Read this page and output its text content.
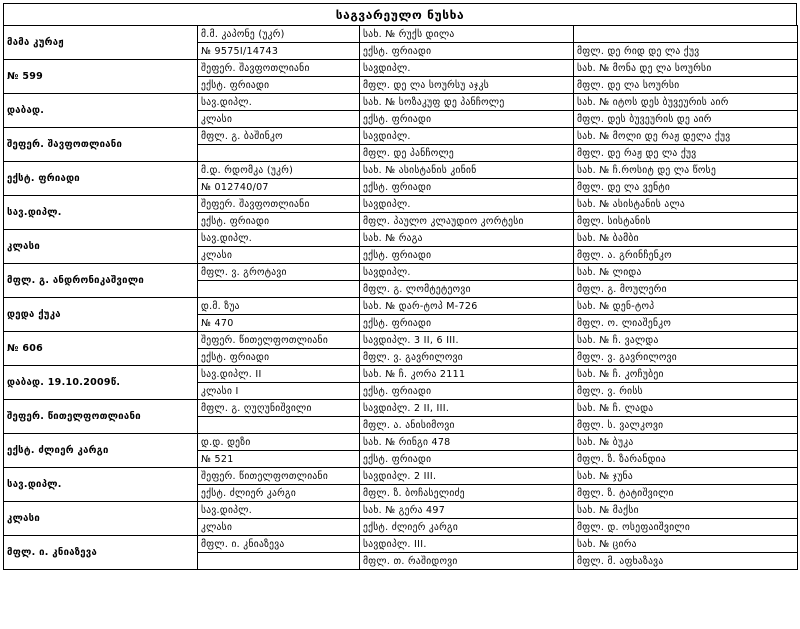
საგვარეულო ნუსხა
მამა კურაჟ	მ.მ. კაპონე (უკრ)	სახ. № რუქს დილა	
	№ 9575I/14743	ექსტ. ფრიადი	მფლ. დე რიდ დე ლა ქუვ
№ 599	შეფერ. შავფოთლიანი	სავდიპლ.	სახ. № მონა დე ლა სოურსი
	ექსტ. ფრიადი	მფლ. დე ლა სოურსუ აჯკს	მფლ. დე ლა სოურსი
დაბად.	სავ.დიპლ.	სახ. № სოზაკუფ დე პანჩოლე	სახ. № იტოს დეს ბუვეურის აირ
	კლასი	ექსტ. ფრიადი	მფლ. დეს ბუვეურის დე აირ
შეფერ. შავფოთლიანი	მფლ. გ. ბაშინკო	სავდიპლ.	სახ. № მოლი დე რაჟ დელა ქუვ
		მფლ. დე პანჩოლე	მფლ. დე რაჟ დე ლა ქუვ
ექსტ. ფრიადი	მ.დ. რდომკა (უკრ)	სახ. № ასისტანის კინინ	სახ. № ჩ.როსიტ დე ლა წოსე
	№ 012740/07	ექსტ. ფრიადი	მფლ. დე ლა ვენტი
სავ.დიპლ.	შეფერ. შავფოთლიანი	სავდიპლ.	სახ. № ასისტანის ალა
	ექსტ. ფრიადი	მფლ. პაულო კლაუდიო კორტესი	მფლ. სისტანის
კლასი	სავ.დიპლ.	სახ. № რაგა	სახ. № ბამბი
	კლასი	ექსტ. ფრიადი	მფლ. ა. გრინჩენკო
მფლ. გ. ანდრონიკაშვილი	მფლ. ვ. გროტავი	სავდიპლ.	სახ. № ლიდა
		მფლ. გ. ლომტეტეოვი	მფლ. გ. მოულერი
დედა ქუკა	დ.მ. ზუა	სახ. № დარ-ტოპ M-726	სახ. № დენ-ტოპ
	№ 470	ექსტ. ფრიადი	მფლ. ო. ლიაშენკო
№ 606	შეფერ. წითელფოთლიანი	სავდიპლ. 3 II, 6 III.	სახ. № ჩ. ვალდა
	ექსტ. ფრიადი	მფლ. ვ. გავრილოვი	მფლ. ვ. გავრილოვი
დაბად. 19.10.2009წ.	სავ.დიპლ. II	სახ. № ჩ. კორა 2111	სახ. № ჩ. კოჩუბეი
	კლასი I	ექსტ. ფრიადი	მფლ. ვ. რისს
შეფერ. წითელფოთლიანი	მფლ. გ. ღუღუნიშვილი	სავდიპლ. 2 II, III.	სახ. № ჩ. ლადა
		მფლ. ა. ანისიმოვი	მფლ. ს. ვალკოვი
ექსტ. ძლიერ კარგი	დ.დ. დეზი	სახ. № რინგი 478	სახ. № ბუკა
	№ 521	ექსტ. ფრიადი	მფლ. ზ. ზარანდია
სავ.დიპლ.	შეფერ. წითელფოთლიანი	სავდიპლ. 2 III.	სახ. № ჯუნა
	ექსტ. ძლიერ კარგი	მფლ. ზ. ბოჩასელიძე	მფლ. ზ. ტატიშვილი
კლასი	სავ.დიპლ.	სახ. № გერა 497	სახ. № მაქსი
	კლასი	ექსტ. ძლიერ კარგი	მფლ. დ. ოსეფაიშვილი
მფლ. ი. კნიაზევა	მფლ. ი. კნიაზევა	სავდიპლ. III.	სახ. № ცირა
		მფლ. თ. რაშიდოვი	მფლ. მ. აფხაზავა
